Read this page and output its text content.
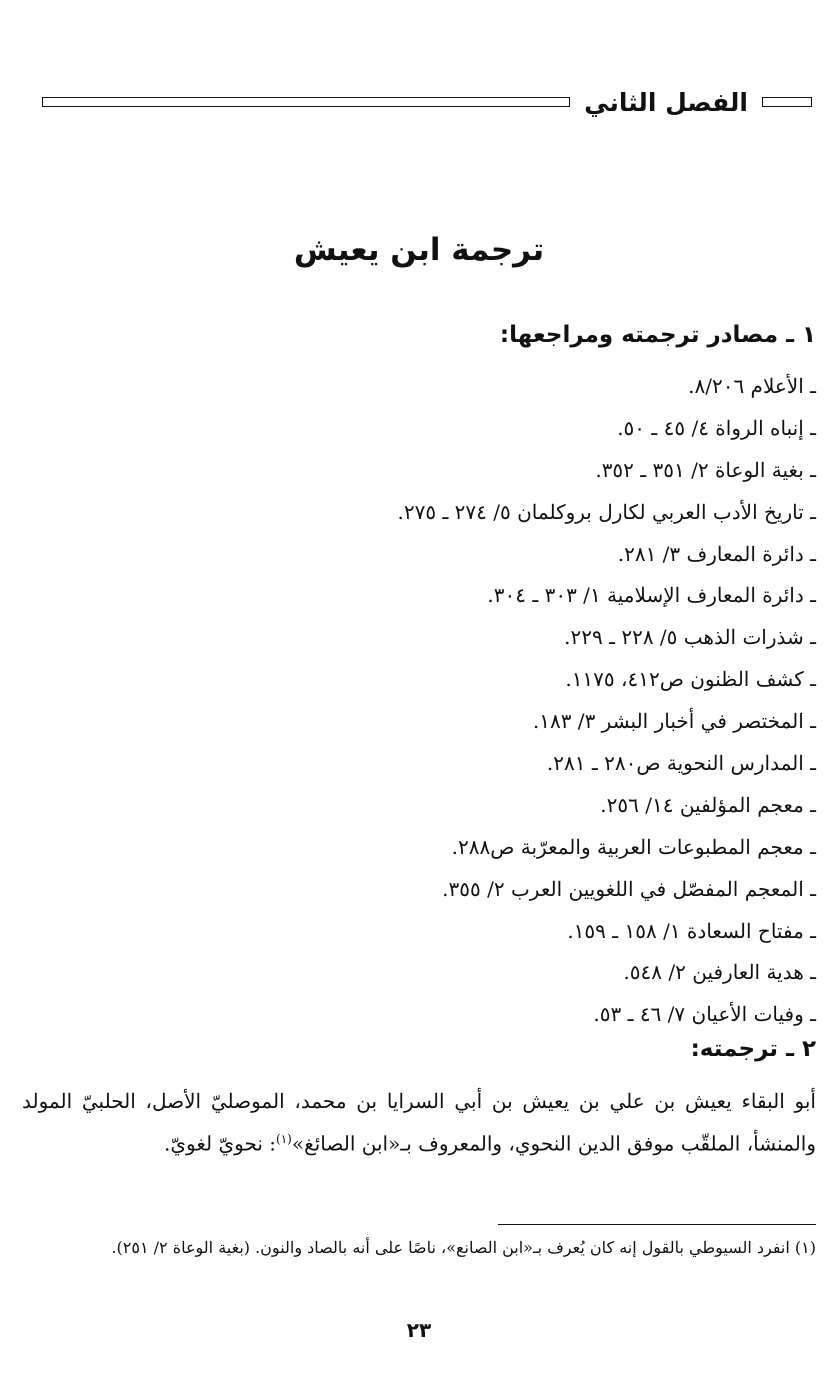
الفصل الثاني
ترجمة ابن يعيش
١ ـ مصادر ترجمته ومراجعها:
ـ الأعلام ٨/٢٠٦.
ـ إنباه الرواة ٤/ ٤٥ ـ ٥٠.
ـ بغية الوعاة ٢/ ٣٥١ ـ ٣٥٢.
ـ تاريخ الأدب العربي لكارل بروكلمان ٥/ ٢٧٤ ـ ٢٧٥.
ـ دائرة المعارف ٣/ ٢٨١.
ـ دائرة المعارف الإسلامية ١/ ٣٠٣ ـ ٣٠٤.
ـ شذرات الذهب ٥/ ٢٢٨ ـ ٢٢٩.
ـ كشف الظنون ص٤١٢، ١١٧٥.
ـ المختصر في أخبار البشر ٣/ ١٨٣.
ـ المدارس النحوية ص٢٨٠ ـ ٢٨١.
ـ معجم المؤلفين ١٤/ ٢٥٦.
ـ معجم المطبوعات العربية والمعرّبة ص٢٨٨.
ـ المعجم المفصّل في اللغويين العرب ٢/ ٣٥٥.
ـ مفتاح السعادة ١/ ١٥٨ ـ ١٥٩.
ـ هدية العارفين ٢/ ٥٤٨.
ـ وفيات الأعيان ٧/ ٤٦ ـ ٥٣.
٢ ـ ترجمته:

أبو البقاء يعيش بن علي بن يعيش بن أبي السرايا بن محمد، الموصليّ الأصل، الحلبيّ المولد والمنشأ، الملقّب موفق الدين النحوي، والمعروف بـ«ابن الصائغ»$^{(١)}$: نحويّ لغويّ.

(١) انفرد السيوطي بالقول إنه كان يُعرف بـ«ابن الصانع»، ناصًا على أنه بالصاد والنون. (بغية الوعاة ٢/ ٢٥١).

٢٣
